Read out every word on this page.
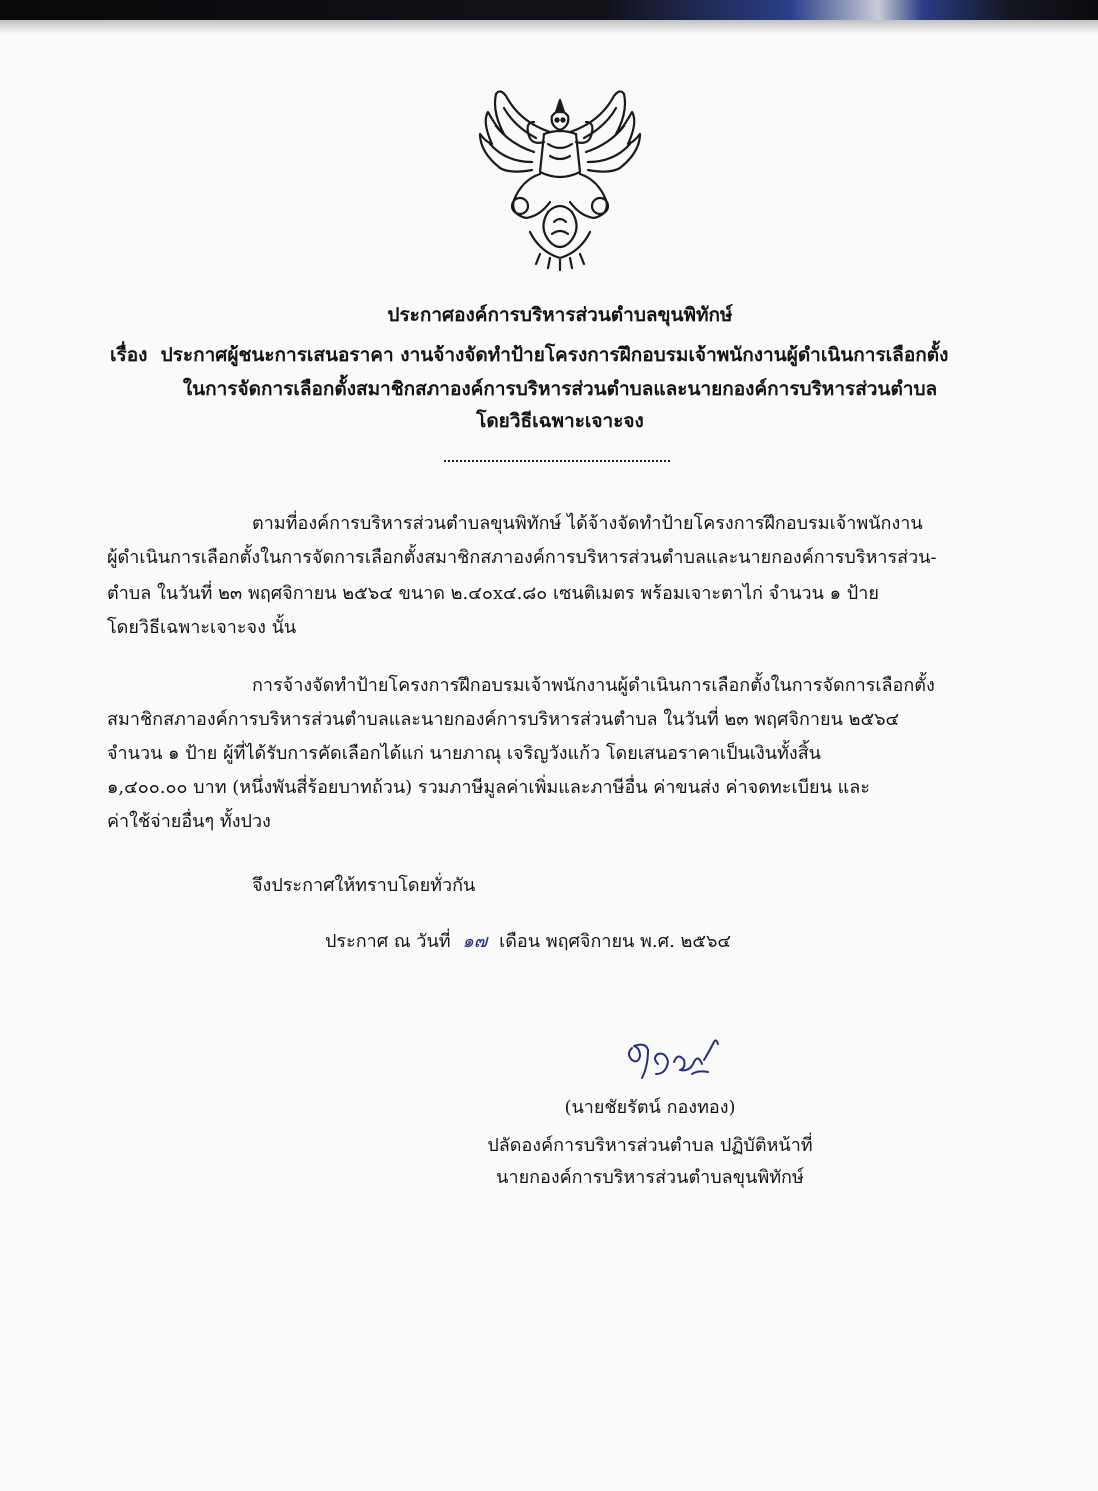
ประกาศองค์การบริหารส่วนตำบลขุนพิทักษ์
เรื่อง ประกาศผู้ชนะการเสนอราคา งานจ้างจัดทำป้ายโครงการฝึกอบรมเจ้าพนักงานผู้ดำเนินการเลือกตั้ง
ในการจัดการเลือกตั้งสมาชิกสภาองค์การบริหารส่วนตำบลและนายกองค์การบริหารส่วนตำบล
โดยวิธีเฉพาะเจาะจง
ตามที่องค์การบริหารส่วนตำบลขุนพิทักษ์ ได้จ้างจัดทำป้ายโครงการฝึกอบรมเจ้าพนักงาน
ผู้ดำเนินการเลือกตั้งในการจัดการเลือกตั้งสมาชิกสภาองค์การบริหารส่วนตำบลและนายกองค์การบริหารส่วน-
ตำบล ในวันที่ ๒๓ พฤศจิกายน ๒๕๖๔ ขนาด ๒.๔๐x๔.๘๐ เซนติเมตร พร้อมเจาะตาไก่ จำนวน ๑ ป้าย
โดยวิธีเฉพาะเจาะจง นั้น
การจ้างจัดทำป้ายโครงการฝึกอบรมเจ้าพนักงานผู้ดำเนินการเลือกตั้งในการจัดการเลือกตั้ง
สมาชิกสภาองค์การบริหารส่วนตำบลและนายกองค์การบริหารส่วนตำบล ในวันที่ ๒๓ พฤศจิกายน ๒๕๖๔
จำนวน ๑ ป้าย ผู้ที่ได้รับการคัดเลือกได้แก่ นายภาณุ เจริญวังแก้ว โดยเสนอราคาเป็นเงินทั้งสิ้น
๑,๔๐๐.๐๐ บาท (หนึ่งพันสี่ร้อยบาทถ้วน) รวมภาษีมูลค่าเพิ่มและภาษีอื่น ค่าขนส่ง ค่าจดทะเบียน และ
ค่าใช้จ่ายอื่นๆ ทั้งปวง
จึงประกาศให้ทราบโดยทั่วกัน
ประกาศ ณ วันที่ ๑๗ เดือน พฤศจิกายน พ.ศ. ๒๕๖๔
(นายชัยรัตน์ กองทอง)
ปลัดองค์การบริหารส่วนตำบล ปฏิบัติหน้าที่
นายกองค์การบริหารส่วนตำบลขุนพิทักษ์
